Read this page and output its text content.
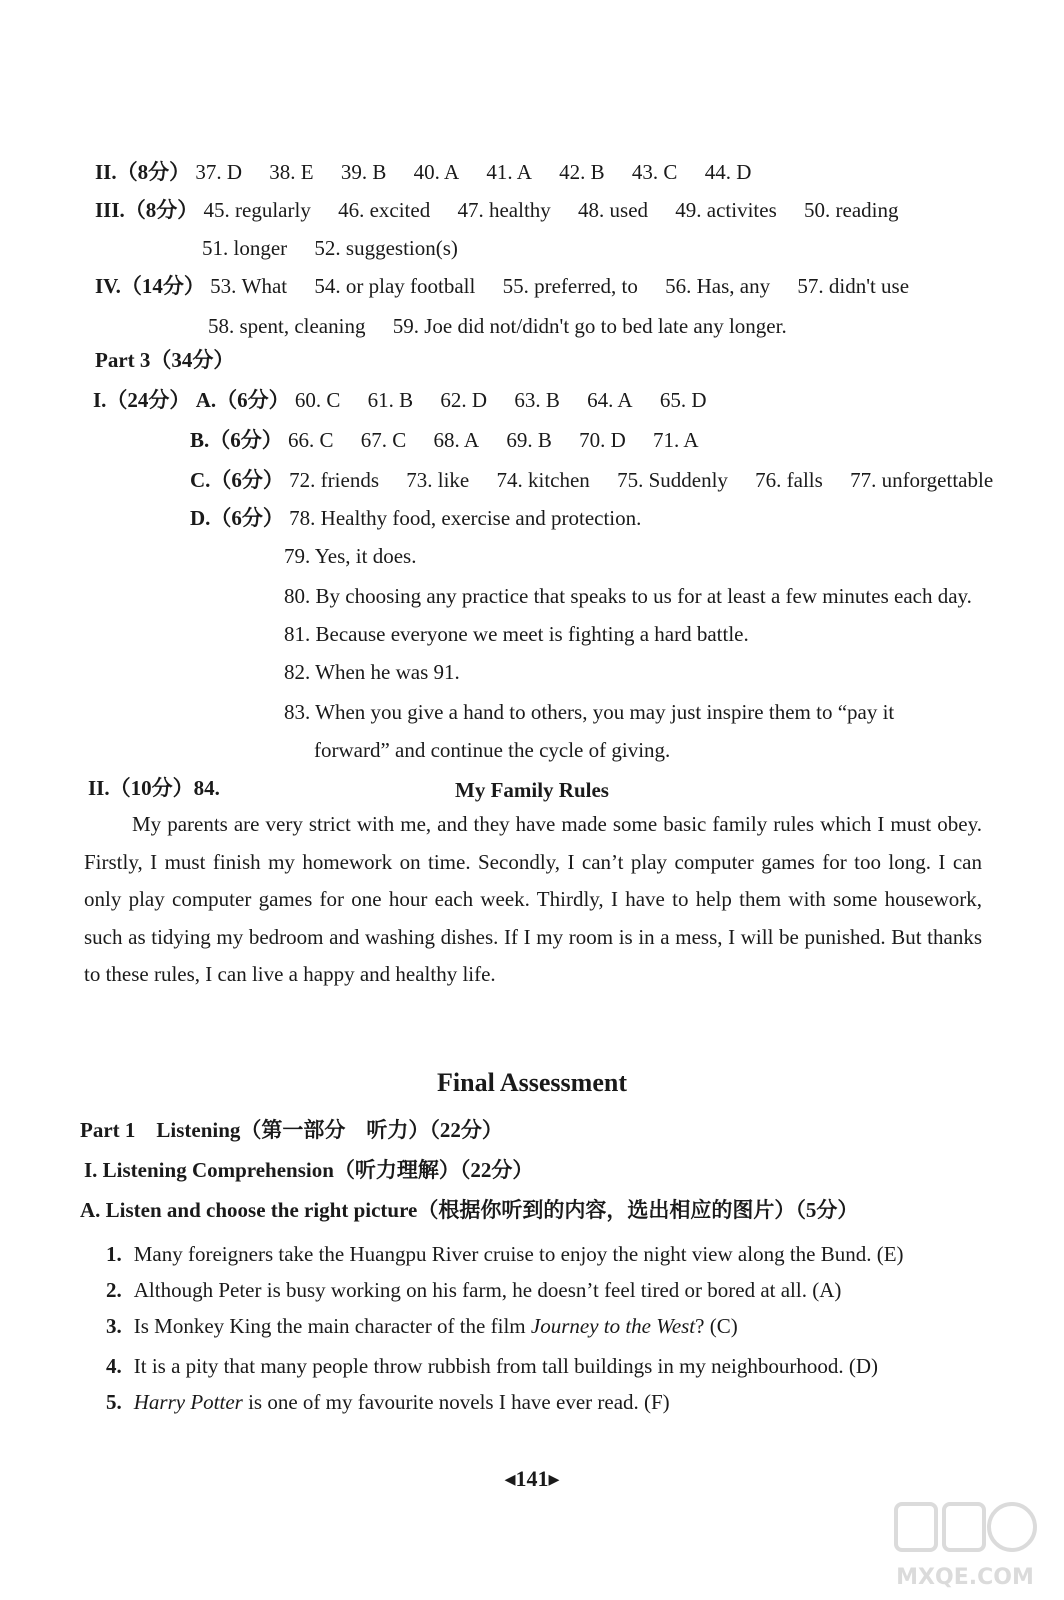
II.（8分） 37. D 38. E 39. B 40. A 41. A 42. B 43. C 44. D
III.（8分） 45. regularly 46. excited 47. healthy 48. used 49. activites 50. reading
51. longer 52. suggestion(s)
IV.（14分） 53. What 54. or play football 55. preferred, to 56. Has, any 57. didn't use
58. spent, cleaning 59. Joe did not/didn't go to bed late any longer.
Part 3（34分）
I.（24分） A.（6分） 60. C 61. B 62. D 63. B 64. A 65. D
B.（6分） 66. C 67. C 68. A 69. B 70. D 71. A
C.（6分） 72. friends 73. like 74. kitchen 75. Suddenly 76. falls 77. unforgettable
D.（6分） 78. Healthy food, exercise and protection.
79. Yes, it does.
80. By choosing any practice that speaks to us for at least a few minutes each day.
81. Because everyone we meet is fighting a hard battle.
82. When he was 91.
83. When you give a hand to others, you may just inspire them to “pay it
forward” and continue the cycle of giving.
II.（10分）84.	My Family Rules
My parents are very strict with me, and they have made some basic family rules which I must obey. Firstly, I must finish my homework on time. Secondly, I can’t play computer games for too long. I can only play computer games for one hour each week. Thirdly, I have to help them with some housework, such as tidying my bedroom and washing dishes. If I my room is in a mess, I will be punished. But thanks to these rules, I can live a happy and healthy life.
Final Assessment
Part 1　Listening（第一部分　听力）（22分）
I. Listening Comprehension（听力理解）（22分）
A. Listen and choose the right picture（根据你听到的内容，选出相应的图片）（5分）
1. Many foreigners take the Huangpu River cruise to enjoy the night view along the Bund. (E)
2. Although Peter is busy working on his farm, he doesn’t feel tired or bored at all. (A)
3. Is Monkey King the main character of the film Journey to the West? (C)
4. It is a pity that many people throw rubbish from tall buildings in my neighbourhood. (D)
5. Harry Potter is one of my favourite novels I have ever read. (F)
◂141▸
MXQE.COM
